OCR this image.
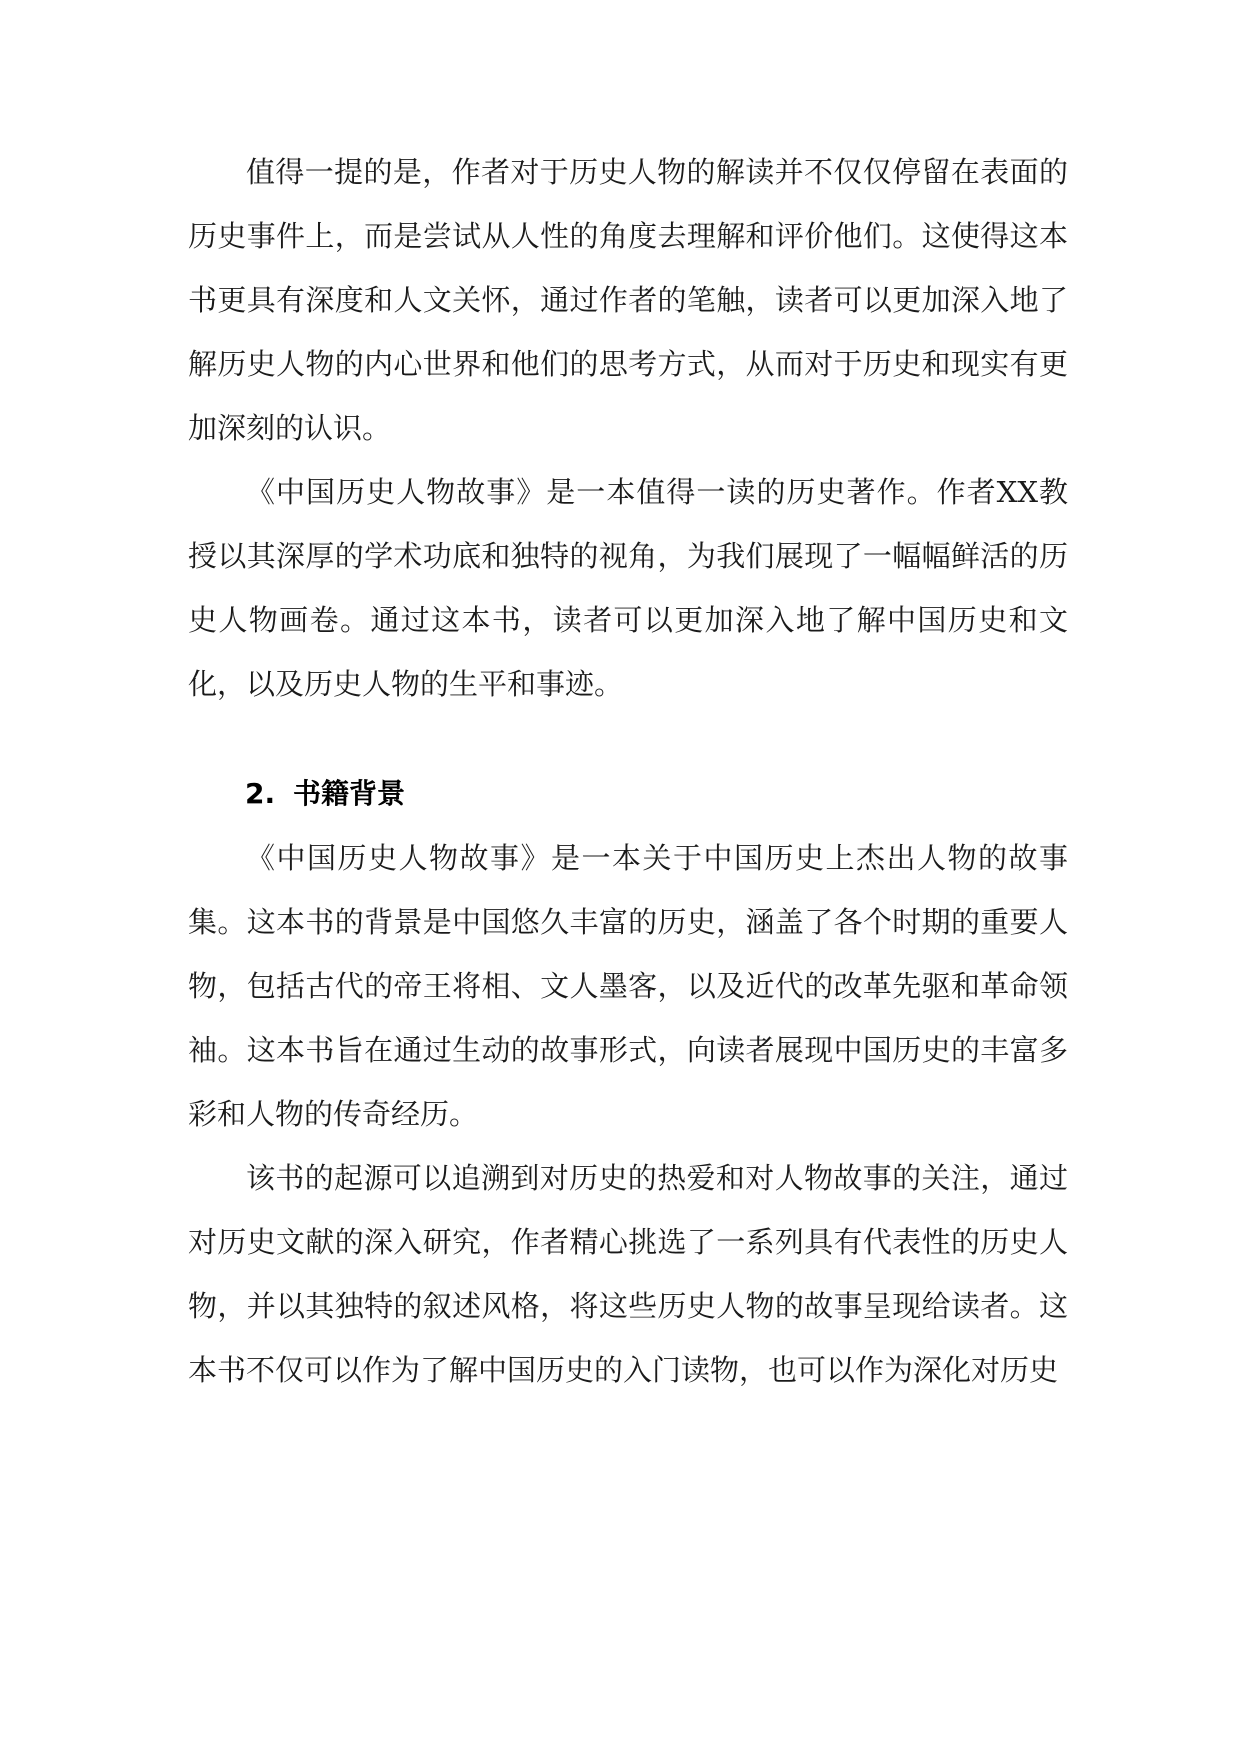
值得一提的是，作者对于历史人物的解读并不仅仅停留在表面的历史事件上，而是尝试从人性的角度去理解和评价他们。这使得这本书更具有深度和人文关怀，通过作者的笔触，读者可以更加深入地了解历史人物的内心世界和他们的思考方式，从而对于历史和现实有更加深刻的认识。

《中国历史人物故事》是一本值得一读的历史著作。作者XX教授以其深厚的学术功底和独特的视角，为我们展现了一幅幅鲜活的历史人物画卷。通过这本书，读者可以更加深入地了解中国历史和文化，以及历史人物的生平和事迹。

2. 书籍背景

《中国历史人物故事》是一本关于中国历史上杰出人物的故事集。这本书的背景是中国悠久丰富的历史，涵盖了各个时期的重要人物，包括古代的帝王将相、文人墨客，以及近代的改革先驱和革命领袖。这本书旨在通过生动的故事形式，向读者展现中国历史的丰富多彩和人物的传奇经历。

该书的起源可以追溯到对历史的热爱和对人物故事的关注，通过对历史文献的深入研究，作者精心挑选了一系列具有代表性的历史人物，并以其独特的叙述风格，将这些历史人物的故事呈现给读者。这本书不仅可以作为了解中国历史的入门读物，也可以作为深化对历史
